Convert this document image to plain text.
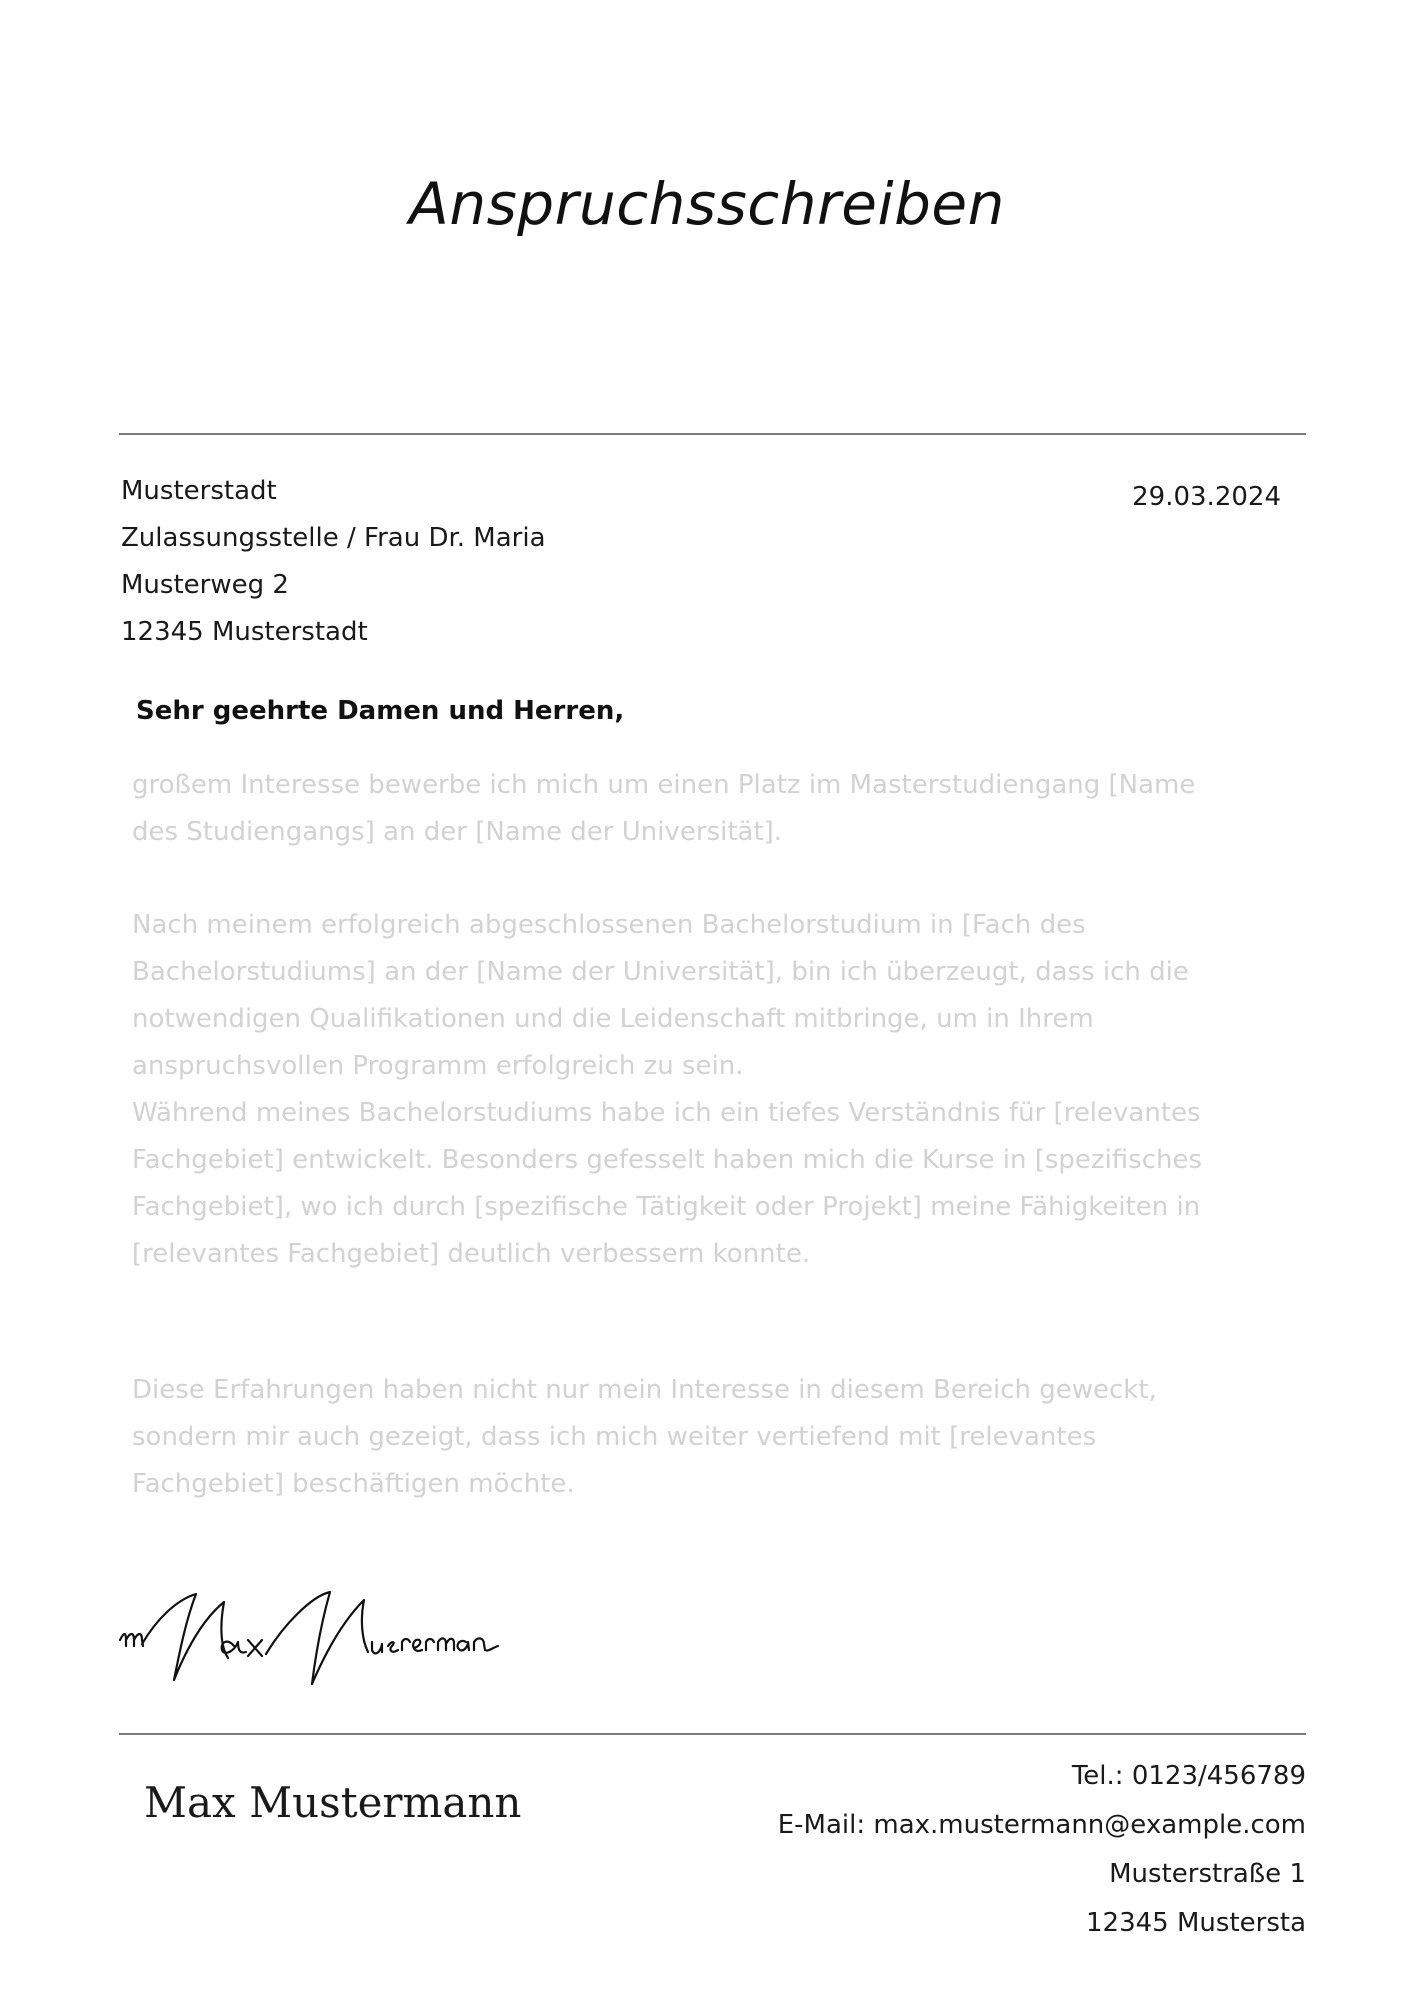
Anspruchsschreiben
Musterstadt
Zulassungsstelle / Frau Dr. Maria
Musterweg 2
12345 Musterstadt
29.03.2024
Sehr geehrte Damen und Herren,
großem Interesse bewerbe ich mich um einen Platz im Masterstudiengang [Name
des Studiengangs] an der [Name der Universität].
Nach meinem erfolgreich abgeschlossenen Bachelorstudium in [Fach des
Bachelorstudiums] an der [Name der Universität], bin ich überzeugt, dass ich die
notwendigen Qualifikationen und die Leidenschaft mitbringe, um in Ihrem
anspruchsvollen Programm erfolgreich zu sein.
Während meines Bachelorstudiums habe ich ein tiefes Verständnis für [relevantes
Fachgebiet] entwickelt. Besonders gefesselt haben mich die Kurse in [spezifisches
Fachgebiet], wo ich durch [spezifische Tätigkeit oder Projekt] meine Fähigkeiten in
[relevantes Fachgebiet] deutlich verbessern konnte.
Diese Erfahrungen haben nicht nur mein Interesse in diesem Bereich geweckt,
sondern mir auch gezeigt, dass ich mich weiter vertiefend mit [relevantes
Fachgebiet] beschäftigen möchte.
Max Mustermann
Tel.: 0123/456789
E-Mail: max.mustermann@example.com
Musterstraße 1
12345 Mustersta
